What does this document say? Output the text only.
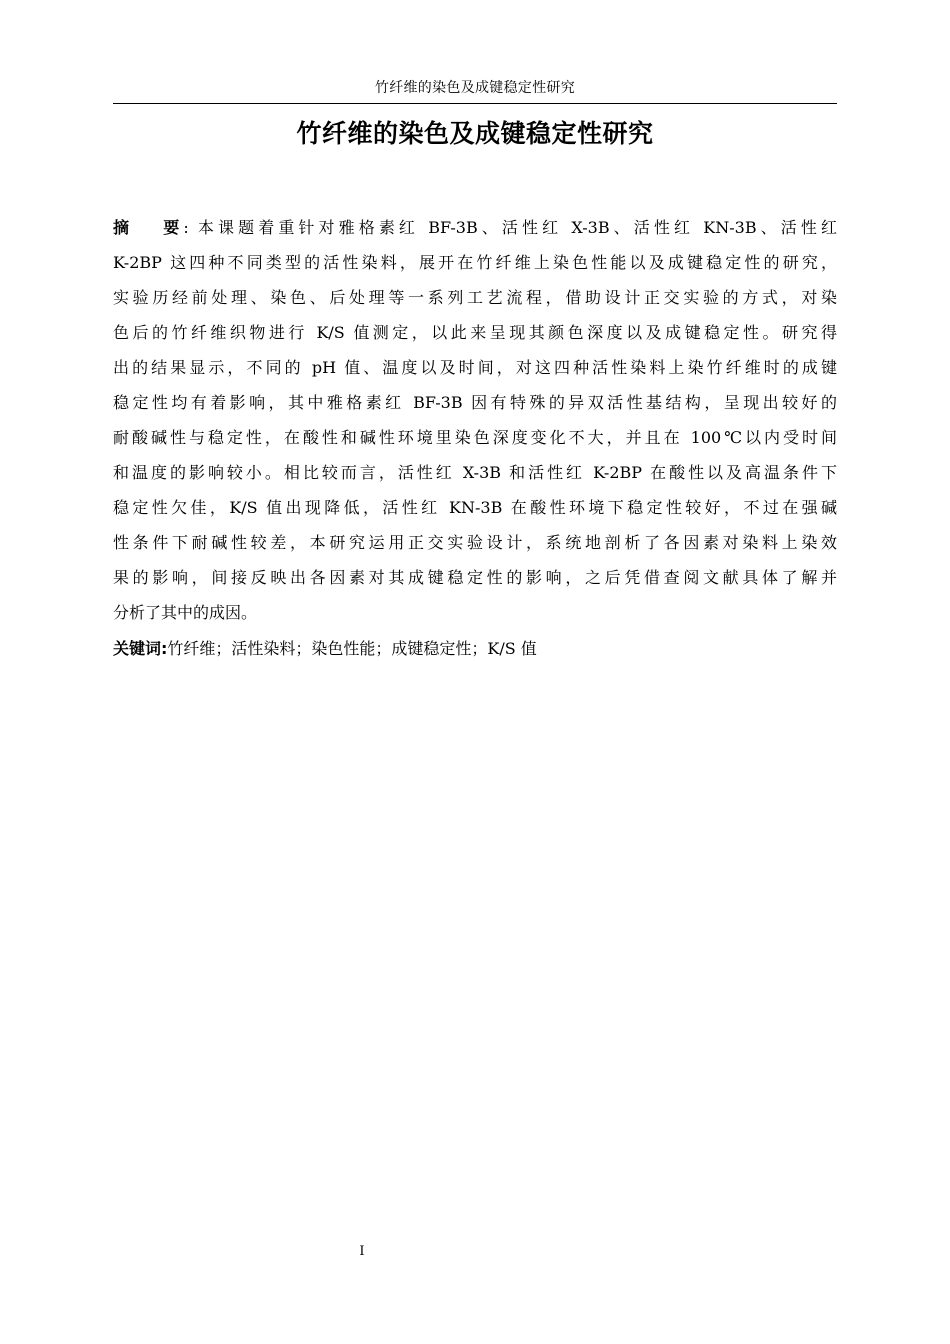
竹纤维的染色及成键稳定性研究
竹纤维的染色及成键稳定性研究
摘 要: 本课题着重针对雅格素红 BF-3B、活性红 X-3B、活性红 KN-3B、活性红
K-2BP 这四种不同类型的活性染料，展开在竹纤维上染色性能以及成键稳定性的研究，
实验历经前处理、染色、后处理等一系列工艺流程，借助设计正交实验的方式，对染
色后的竹纤维织物进行 K/S 值测定，以此来呈现其颜色深度以及成键稳定性。研究得
出的结果显示，不同的 pH 值、温度以及时间，对这四种活性染料上染竹纤维时的成键
稳定性均有着影响，其中雅格素红 BF-3B 因有特殊的异双活性基结构，呈现出较好的
耐酸碱性与稳定性，在酸性和碱性环境里染色深度变化不大，并且在 100℃以内受时间
和温度的影响较小。相比较而言，活性红 X-3B 和活性红 K-2BP 在酸性以及高温条件下
稳定性欠佳，K/S 值出现降低，活性红 KN-3B 在酸性环境下稳定性较好，不过在强碱
性条件下耐碱性较差，本研究运用正交实验设计，系统地剖析了各因素对染料上染效
果的影响，间接反映出各因素对其成键稳定性的影响，之后凭借查阅文献具体了解并
分析了其中的成因。
关键词:竹纤维；活性染料；染色性能；成键稳定性；K/S 值
I
